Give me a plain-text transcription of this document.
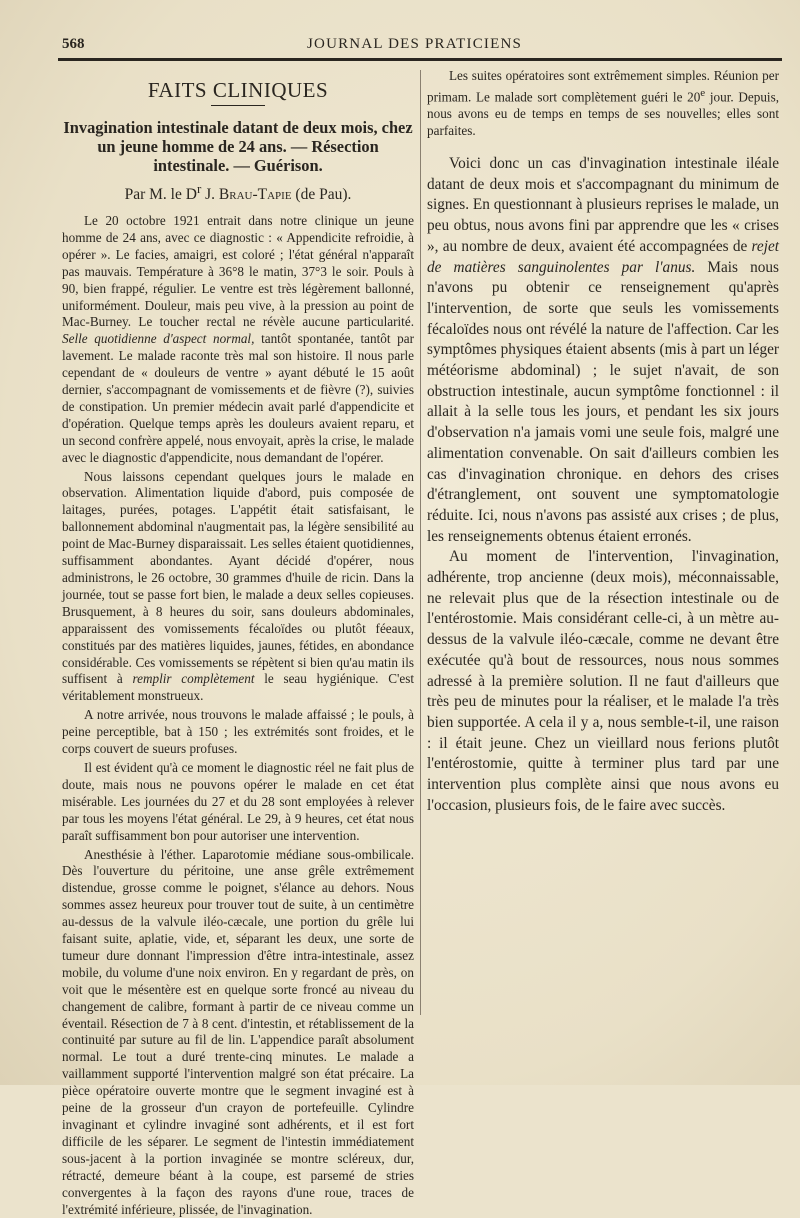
568	JOURNAL DES PRATICIENS
FAITS CLINIQUES
Invagination intestinale datant de deux mois, chez un jeune homme de 24 ans. — Résection intestinale. — Guérison.
Par M. le $D^r$ J. Brau-Tapie (de Pau).

Le 20 octobre 1921 entrait dans notre clinique un jeune homme de 24 ans, avec ce diagnostic : « Appendicite refroidie, à opérer ». Le facies, amaigri, est coloré ; l'état général n'apparaît pas mauvais. Température à 36°8 le matin, 37°3 le soir. Pouls à 90, bien frappé, régulier. Le ventre est très légèrement ballonné, uniformément. Douleur, mais peu vive, à la pression au point de Mac-Burney. Le toucher rectal ne révèle aucune particularité. Selle quotidienne d'aspect normal, tantôt spontanée, tantôt par lavement. Le malade raconte très mal son histoire. Il nous parle cependant de « douleurs de ventre » ayant débuté le 15 août dernier, s'accompagnant de vomissements et de fièvre (?), suivies de constipation. Un premier médecin avait parlé d'appendicite et d'opération. Quelque temps après les douleurs avaient reparu, et un second confrère appelé, nous envoyait, après la crise, le malade avec le diagnostic d'appendicite, nous demandant de l'opérer.

Nous laissons cependant quelques jours le malade en observation. Alimentation liquide d'abord, puis composée de laitages, purées, potages. L'appétit était satisfaisant, le ballonnement abdominal n'augmentait pas, la légère sensibilité au point de Mac-Burney disparaissait. Les selles étaient quotidiennes, suffisamment abondantes. Ayant décidé d'opérer, nous administrons, le 26 octobre, 30 grammes d'huile de ricin. Dans la journée, tout se passe fort bien, le malade a deux selles copieuses. Brusquement, à 8 heures du soir, sans douleurs abdominales, apparaissent des vomissements fécaloïdes ou plutôt féeaux, constitués par des matières liquides, jaunes, fétides, en abondance considérable. Ces vomissements se répètent si bien qu'au matin ils suffisent à remplir complètement le seau hygiénique. C'est véritablement monstrueux.

A notre arrivée, nous trouvons le malade affaissé ; le pouls, à peine perceptible, bat à 150 ; les extrémités sont froides, et le corps couvert de sueurs profuses.

Il est évident qu'à ce moment le diagnostic réel ne fait plus de doute, mais nous ne pouvons opérer le malade en cet état misérable. Les journées du 27 et du 28 sont employées à relever par tous les moyens l'état général. Le 29, à 9 heures, cet état nous paraît suffisamment bon pour autoriser une intervention.

Anesthésie à l'éther. Laparotomie médiane sous-ombilicale. Dès l'ouverture du péritoine, une anse grêle extrêmement distendue, grosse comme le poignet, s'élance au dehors. Nous sommes assez heureux pour trouver tout de suite, à un centimètre au-dessus de la valvule iléo-cæcale, une portion du grêle lui faisant suite, aplatie, vide, et, séparant les deux, une sorte de tumeur dure donnant l'impression d'être intra-intestinale, assez mobile, du volume d'une noix environ. En y regardant de près, on voit que le mésentère est en quelque sorte froncé au niveau du changement de calibre, formant à partir de ce niveau comme un éventail. Résection de 7 à 8 cent. d'intestin, et rétablissement de la continuité par suture au fil de lin. L'appendice paraît absolument normal. Le tout a duré trente-cinq minutes. Le malade a vaillamment supporté l'intervention malgré son état précaire. La pièce opératoire ouverte montre que le segment invaginé est à peine de la grosseur d'un crayon de portefeuille. Cylindre invaginant et cylindre invaginé sont adhérents, et il est fort difficile de les séparer. Le segment de l'intestin immédiatement sous-jacent à la portion invaginée se montre scléreux, dur, rétracté, demeure béant à la coupe, est parsemé de stries convergentes à la façon des rayons d'une roue, traces de l'extrémité inférieure, plissée, de l'invagination.

Les suites opératoires sont extrêmement simples. Réunion per primam. Le malade sort complètement guéri le 20e jour. Depuis, nous avons eu de temps en temps de ses nouvelles; elles sont parfaites.

Voici donc un cas d'invagination intestinale iléale datant de deux mois et s'accompagnant du minimum de signes. En questionnant à plusieurs reprises le malade, un peu obtus, nous avons fini par apprendre que les « crises », au nombre de deux, avaient été accompagnées de rejet de matières sanguinolentes par l'anus. Mais nous n'avons pu obtenir ce renseignement qu'après l'intervention, de sorte que seuls les vomissements fécaloïdes nous ont révélé la nature de l'affection. Car les symptômes physiques étaient absents (mis à part un léger météorisme abdominal) ; le sujet n'avait, de son obstruction intestinale, aucun symptôme fonctionnel : il allait à la selle tous les jours, et pendant les six jours d'observation n'a jamais vomi une seule fois, malgré une alimentation convenable. On sait d'ailleurs combien les cas d'invagination chronique. en dehors des crises d'étranglement, ont souvent une symptomatologie réduite. Ici, nous n'avons pas assisté aux crises ; de plus, les renseignements obtenus étaient erronés.

Au moment de l'intervention, l'invagination, adhérente, trop ancienne (deux mois), méconnaissable, ne relevait plus que de la résection intestinale ou de l'entérostomie. Mais considérant celle-ci, à un mètre au-dessus de la valvule iléo-cæcale, comme ne devant être exécutée qu'à bout de ressources, nous nous sommes adressé à la première solution. Il ne faut d'ailleurs que très peu de minutes pour la réaliser, et le malade l'a très bien supportée. A cela il y a, nous semble-t-il, une raison : il était jeune. Chez un vieillard nous ferions plutôt l'entérostomie, quitte à terminer plus tard par une intervention plus complète ainsi que nous avons eu l'occasion, plusieurs fois, de le faire avec succès.
